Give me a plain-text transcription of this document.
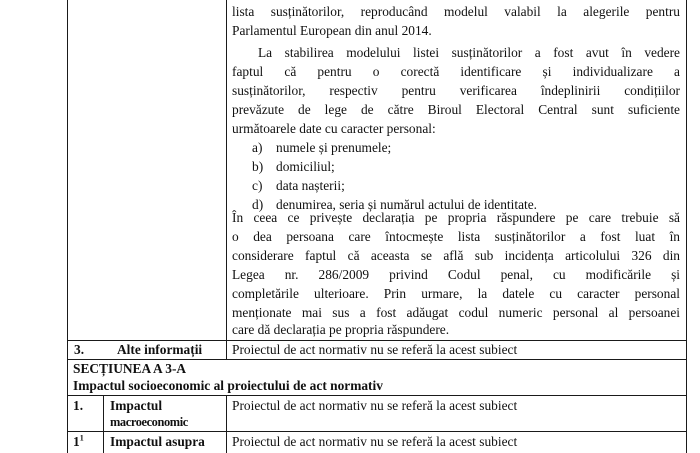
lista susținătorilor, reproducând modelul valabil la alegerile pentru
Parlamentul European din anul 2014.
La stabilirea modelului listei susținătorilor a fost avut în vedere
faptul că pentru o corectă identificare și individualizare a
susținătorilor, respectiv pentru verificarea îndeplinirii condițiilor
prevăzute de lege de către Biroul Electoral Central sunt suficiente
următoarele date cu caracter personal:
a) numele și prenumele;
b) domiciliul;
c) data nașterii;
d) denumirea, seria și numărul actului de identitate.
În ceea ce privește declarația pe propria răspundere pe care trebuie să
o dea persoana care întocmește lista susținătorilor a fost luat în
considerare faptul că aceasta se află sub incidența articolului 326 din
Legea nr. 286/2009 privind Codul penal, cu modificările și
completările ulterioare. Prin urmare, la datele cu caracter personal
menționate mai sus a fost adăugat codul numeric personal al persoanei
care dă declarația pe propria răspundere.
3. Alte informații Proiectul de act normativ nu se referă la acest subiect
SECȚIUNEA A 3-A
Impactul socioeconomic al proiectului de act normativ
1. Impactul
macroeconomic
Proiectul de act normativ nu se referă la acest subiect
$1^1$ Impactul asupra Proiectul de act normativ nu se referă la acest subiect
